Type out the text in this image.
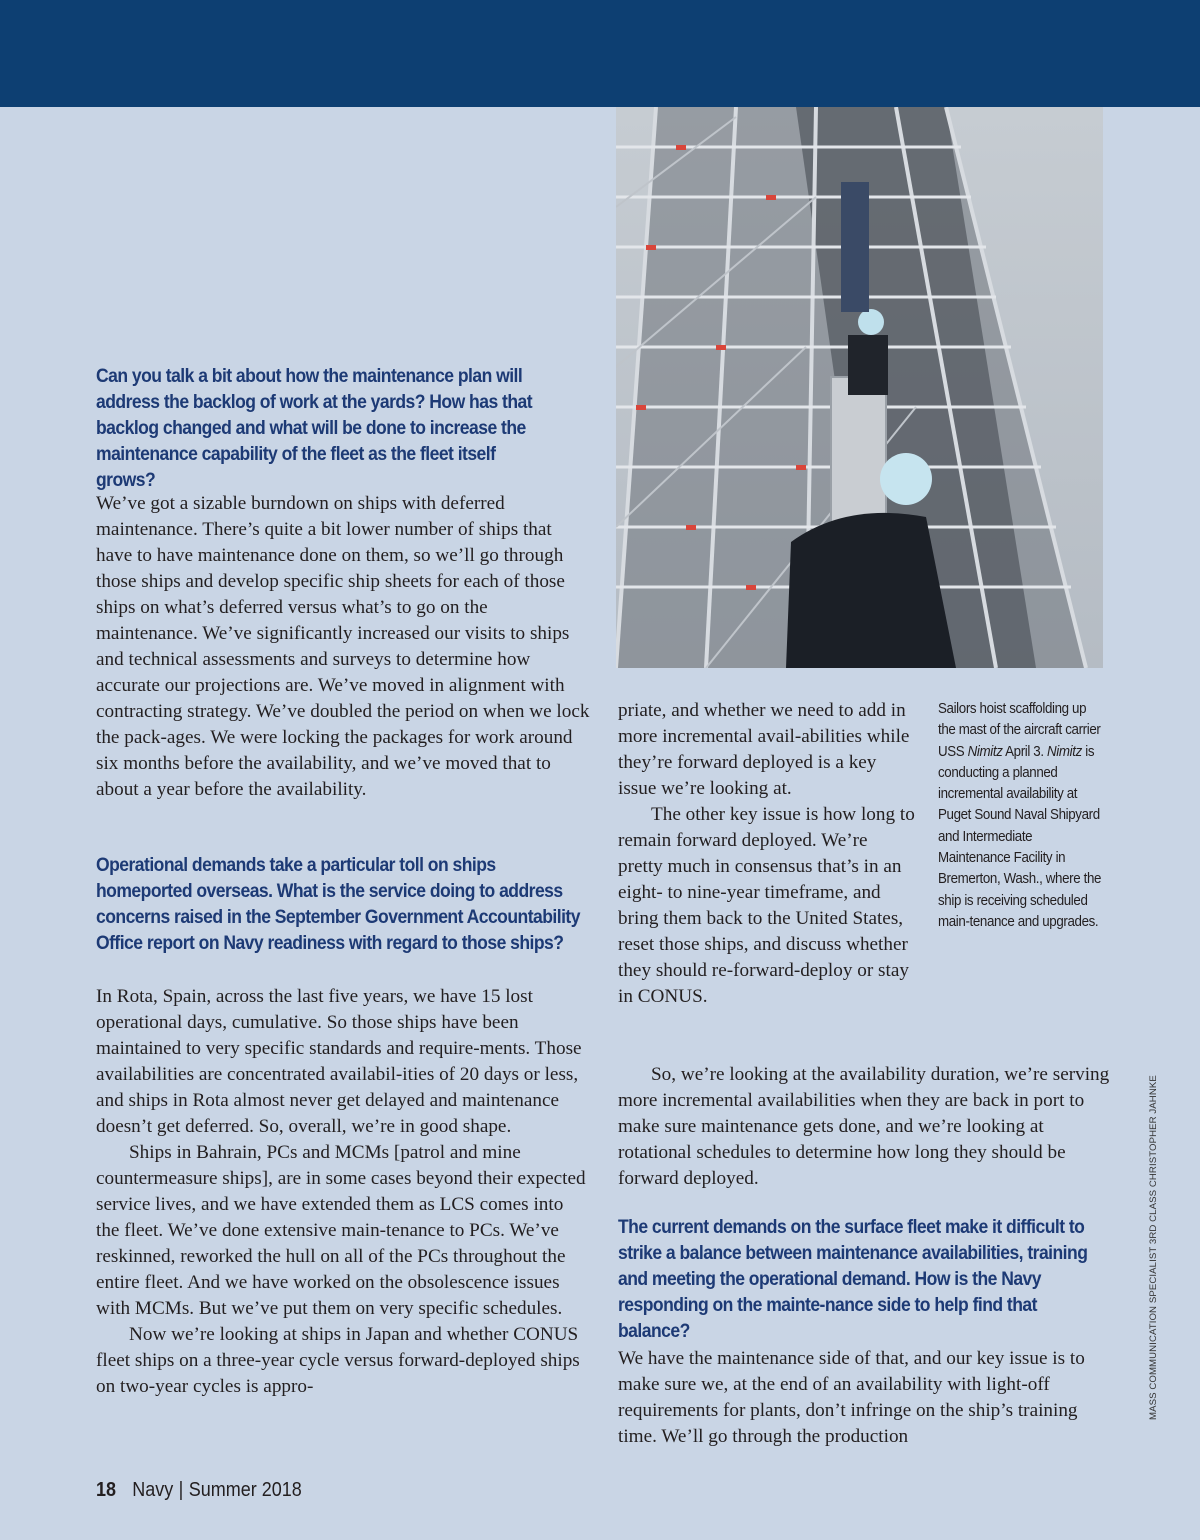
Can you talk a bit about how the maintenance plan will address the backlog of work at the yards? How has that backlog changed and what will be done to increase the maintenance capability of the fleet as the fleet itself grows?

We’ve got a sizable burndown on ships with deferred maintenance. There’s quite a bit lower number of ships that have to have maintenance done on them, so we’ll go through those ships and develop specific ship sheets for each of those ships on what’s deferred versus what’s to go on the maintenance. We’ve significantly increased our visits to ships and technical assessments and surveys to determine how accurate our projections are. We’ve moved in alignment with contracting strategy. We’ve doubled the period on when we lock the pack-ages. We were locking the packages for work around six months before the availability, and we’ve moved that to about a year before the availability.

Operational demands take a particular toll on ships homeported overseas. What is the service doing to address concerns raised in the September Government Accountability Office report on Navy readiness with regard to those ships?

In Rota, Spain, across the last five years, we have 15 lost operational days, cumulative. So those ships have been maintained to very specific standards and require-ments. Those availabilities are concentrated availabil-ities of 20 days or less, and ships in Rota almost never get delayed and maintenance doesn’t get deferred. So, overall, we’re in good shape.

Ships in Bahrain, PCs and MCMs [patrol and mine countermeasure ships], are in some cases beyond their expected service lives, and we have extended them as LCS comes into the fleet. We’ve done extensive main-tenance to PCs. We’ve reskinned, reworked the hull on all of the PCs throughout the entire fleet. And we have worked on the obsolescence issues with MCMs. But we’ve put them on very specific schedules.

Now we’re looking at ships in Japan and whether CONUS fleet ships on a three-year cycle versus forward-deployed ships on two-year cycles is appro-

priate, and whether we need to add in more incremental avail-abilities while they’re forward deployed is a key issue we’re looking at.

The other key issue is how long to remain forward deployed. We’re pretty much in consensus that’s in an eight- to nine-year timeframe, and bring them back to the United States, reset those ships, and discuss whether they should re-forward-deploy or stay in CONUS.

So, we’re looking at the availability duration, we’re serving more incremental availabilities when they are back in port to make sure maintenance gets done, and we’re looking at rotational schedules to determine how long they should be forward deployed.

The current demands on the surface fleet make it difficult to strike a balance between maintenance availabilities, training and meeting the operational demand. How is the Navy responding on the mainte-nance side to help find that balance?

We have the maintenance side of that, and our key issue is to make sure we, at the end of an availability with light-off requirements for plants, don’t infringe on the ship’s training time. We’ll go through the production

Sailors hoist scaffolding up the mast of the aircraft carrier USS Nimitz April 3. Nimitz is conducting a planned incremental availability at Puget Sound Naval Shipyard and Intermediate Maintenance Facility in Bremerton, Wash., where the ship is receiving scheduled main-tenance and upgrades.

MASS COMMUNICATION SPECIALIST 3RD CLASS CHRISTOPHER JAHNKE

18 Navy | Summer 2018
